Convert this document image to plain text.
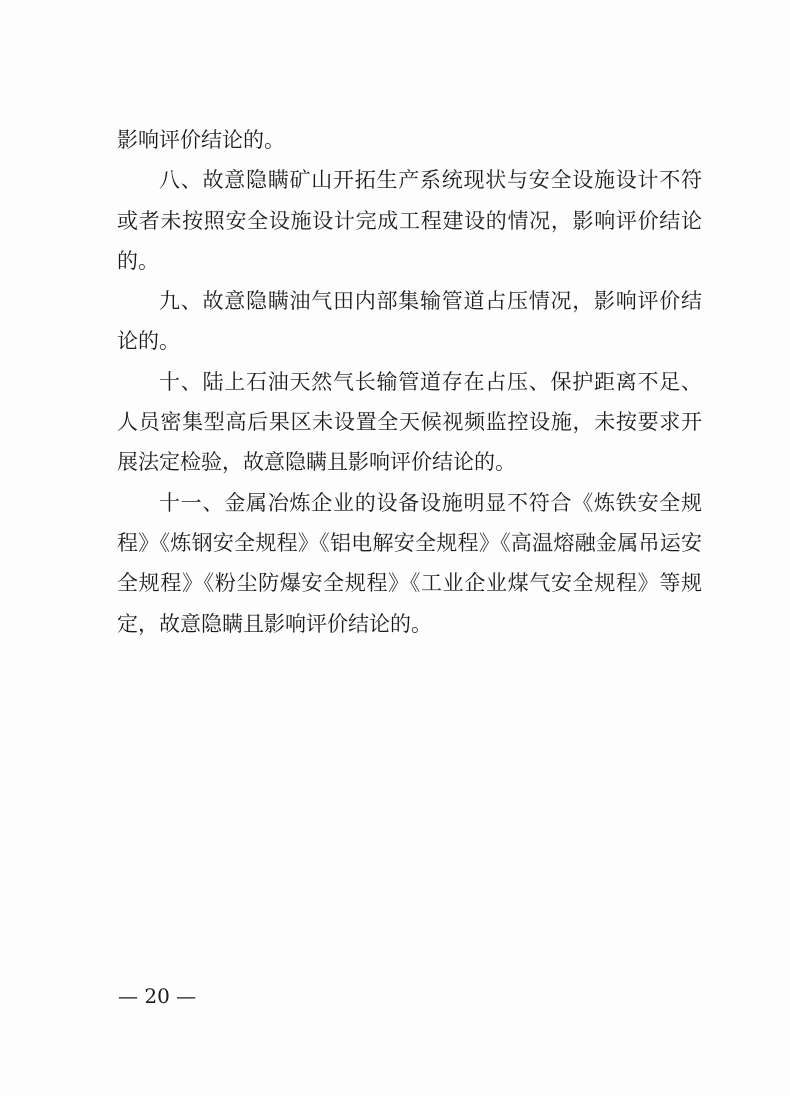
影响评价结论的。

八、故意隐瞒矿山开拓生产系统现状与安全设施设计不符或者未按照安全设施设计完成工程建设的情况，影响评价结论的。

九、故意隐瞒油气田内部集输管道占压情况，影响评价结论的。

十、陆上石油天然气长输管道存在占压、保护距离不足、人员密集型高后果区未设置全天候视频监控设施，未按要求开展法定检验，故意隐瞒且影响评价结论的。

十一、金属冶炼企业的设备设施明显不符合《炼铁安全规程》《炼钢安全规程》《铝电解安全规程》《高温熔融金属吊运安全规程》《粉尘防爆安全规程》《工业企业煤气安全规程》等规定，故意隐瞒且影响评价结论的。

— 20 —
